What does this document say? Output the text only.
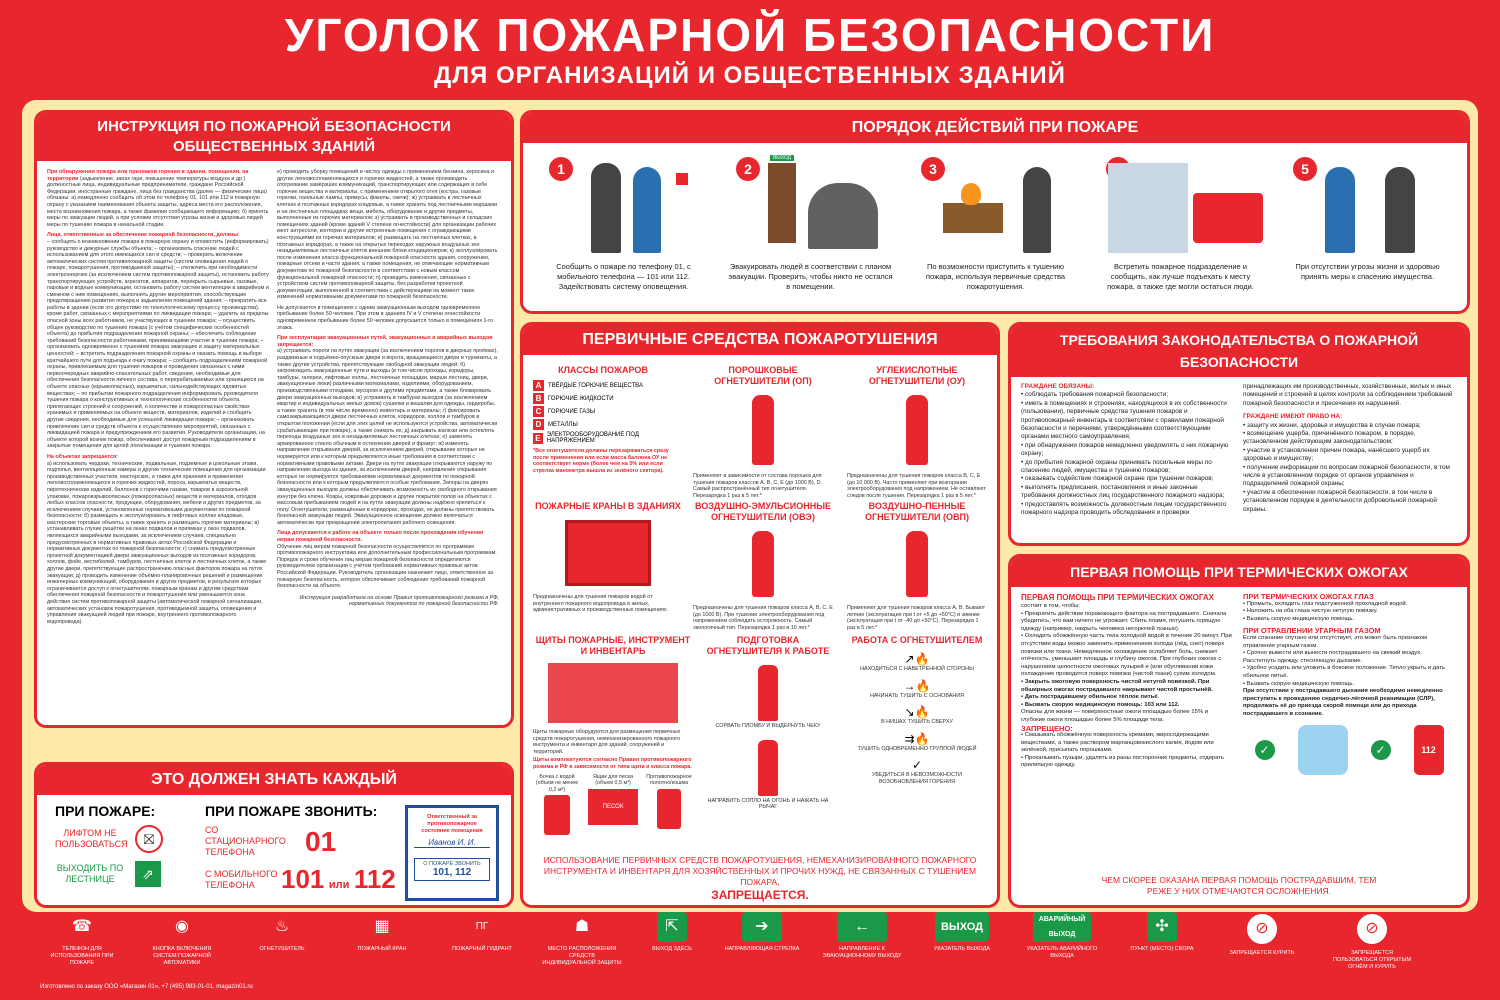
УГОЛОК ПОЖАРНОЙ БЕЗОПАСНОСТИ
ДЛЯ ОРГАНИЗАЦИЙ И ОБЩЕСТВЕННЫХ ЗДАНИЙ
ИНСТРУКЦИЯ ПО ПОЖАРНОЙ БЕЗОПАСНОСТИ
ОБЩЕСТВЕННЫХ ЗДАНИЙ
При обнаружении пожара или признаков горения в здании, помещении, на территории (задымление, запах гари, повышение температуры воздуха и др.) должностные лица, индивидуальные предприниматели, граждане Российской Федерации, иностранные граждане, лица без гражданства (далее — физические лица) обязаны: а) немедленно сообщить об этом по телефону 01, 101 или 112 в пожарную охрану с указанием наименования объекта защиты, адреса места его расположения, места возникновения пожара, а также фамилии сообщающего информацию; б) принять меры по эвакуации людей, а при условии отсутствия угрозы жизни и здоровью людей меры по тушению пожара в начальной стадии.
Лица, ответственные за обеспечение пожарной безопасности, должны:
– сообщить о возникновении пожара в пожарную охрану и оповестить (информировать) руководство и дежурные службы объекта; – организовать спасение людей с использованием для этого имеющихся сил и средств; – проверить включение автоматических систем противопожарной защиты (систем оповещения людей о пожаре, пожаротушения, противодымной защиты); – отключить при необходимости электроэнергию (за исключением систем противопожарной защиты), остановить работу транспортирующих устройств, агрегатов, аппаратов, перекрыть сырьевые, газовые, паровые и водные коммуникации, остановить работу систем вентиляции в аварийном и смежном с ним помещениях, выполнить другие мероприятия, способствующие предотвращению развития пожара и задымления помещений здания; – прекратить все работы в здании (если это допустимо по технологическому процессу производства), кроме работ, связанных с мероприятиями по ликвидации пожара; – удалить за пределы опасной зоны всех работников, не участвующих в тушении пожара; – осуществить общее руководство по тушению пожара (с учётом специфических особенностей объекта) до прибытия подразделения пожарной охраны; – обеспечить соблюдение требований безопасности работниками, принимающими участие в тушении пожара; – организовать одновременно с тушением пожара эвакуацию и защиту материальных ценностей; – встретить подразделения пожарной охраны и оказать помощь в выборе кратчайшего пути для подъезда к очагу пожара; – сообщить подразделениям пожарной охраны, привлекаемым для тушения пожаров и проведения связанных с ними первоочередных аварийно-спасательных работ, сведения, необходимые для обеспечения безопасности личного состава, о перерабатываемых или хранящихся на объекте опасных (взрывоопасных), взрывчатых, сильнодействующих ядовитых веществах; – по прибытии пожарного подразделения информировать руководителя тушения пожара о конструктивных и технологических особенностях объекта, прилегающих строений и сооружений, о количестве и пожароопасных свойствах хранимых и применяемых на объекте веществ, материалов, изделий и сообщить другие сведения, необходимые для успешной ликвидации пожара; – организовать привлечение сил и средств объекта к осуществлению мероприятий, связанных с ликвидацией пожара и предупреждением его развития. Руководители организации, на объекте которой возник пожар, обеспечивают доступ пожарным подразделениям в закрытые помещения для целей локализации и тушения пожара.
На объектах запрещается:
а) использовать чердаки, технические, подвальные, подземные и цокольные этажи, подполья, вентиляционные камеры и другие технические помещения для организации производственных участков, мастерских, а также для хранения и применения легковоспламеняющихся и горючих жидкостей, пороха, взрывчатых веществ, пиротехнических изделий, баллонов с горючими газами, товаров в аэрозольной упаковке, пожаровзрывоопасных (пожароопасных) веществ и материалов, отходов любых классов опасности, продукции, оборудования, мебели и других предметов, за исключением случаев, установленных нормативными документами по пожарной безопасности; б) размещать и эксплуатировать в лифтовых холлах кладовые, мастерские торговые объекты, а также хранить и размещать горючие материалы; в) устанавливать глухие решётки на окнах подвалов и приямках у окон подвалов, являющихся аварийными выходами, за исключением случаев, специально предусмотренных в нормативных правовых актах Российской Федерации и нормативных документах по пожарной безопасности; г) снимать предусмотренные проектной документацией двери эвакуационных выходов из поэтажных коридоров, холлов, фойе, вестибюлей, тамбуров, лестничных клеток и лестничных клеток, а также другие двери, препятствующие распространению опасных факторов пожара на путях эвакуации; д) проводить изменение объёмно-планировочных решений и размещение инженерных коммуникаций, оборудования и других предметов, в результате которых ограничивается доступ к огнетушителям, пожарным кранам и другим средствам обеспечения пожарной безопасности и пожаротушения или уменьшается зона действия систем противопожарной защиты (автоматической пожарной сигнализации, автоматических установок пожаротушения, противодымной защиты, оповещения и управления эвакуацией людей при пожаре, внутреннего противопожарного водопровода).
е) проводить уборку помещений и чистку одежды с применением бензина, керосина и других легковоспламеняющихся и горючих жидкостей, а также производить отогревание замёрзших коммуникаций, транспортирующих или содержащих в себе горючие вещества и материалы, с применением открытого огня (костры, газовые горелки, паяльные лампы, примусы, факелы, свечи); ж) устраивать в лестничных клетках и поэтажных коридорах кладовые, а также хранить под лестничными маршами и на лестничных площадках вещи, мебель, оборудование и другие предметы, выполненные из горючих материалов; з) устраивать в производственных и складских помещениях зданий (кроме зданий V степени огнестойкости) для организации рабочих мест антресоли, конторки и другие встроенные помещения с ограждающими конструкциями из горючих материалов; и) размещать на лестничных клетках, в поэтажных коридорах, а также на открытых переходах наружных воздушных зон незадымляемых лестничных клеток внешние блоки кондиционеров; к) эксплуатировать после изменения класса функциональной пожарной опасности здания, сооружения, пожарные отсеки и части здания, а также помещения, не отвечающие нормативным документам по пожарной безопасности в соответствии с новым классом функциональной пожарной опасности; л) проводить изменения, связанные с устройством систем противопожарной защиты, без разработки проектной документации, выполненной в соответствии с действующими на момент таких изменений нормативными документами по пожарной безопасности.
Не допускается в помещениях с одним эвакуационным выходом одновременное пребывание более 50 человек. При этом в зданиях IV и V степени огнестойкости одновременное пребывание более 50 человек допускается только в помещениях 1-го этажа.
При эксплуатации эвакуационных путей, эвакуационных и аварийных выходов запрещается:
а) устраивать пороги на путях эвакуации (за исключением порогов в дверных проёмах), раздвижные и подъёмно-опускные двери и ворота, вращающиеся двери и турникеты, а также другие устройства, препятствующие свободной эвакуации людей; б) загромождать эвакуационные пути и выходы (в том числе проходы, коридоры, тамбуры, галереи, лифтовые холлы, лестничные площадки, марши лестниц, двери, эвакуационные люки) различными материалами, изделиями, оборудованием, производственными отходами, мусором и другими предметами, а также блокировать двери эвакуационных выходов; в) устраивать в тамбурах выходов (за исключением квартир и индивидуальных жилых домов) сушилки и вешалки для одежды, гардеробы, а также хранить (в том числе временно) инвентарь и материалы; г) фиксировать самозакрывающиеся двери лестничных клеток, коридоров, холлов и тамбуров в открытом положении (если для этих целей не используются устройства, автоматически срабатывающие при пожаре), а также снимать их; д) закрывать жалюзи или остеклять переходы воздушных зон в незадымляемых лестничных клетках; е) заменять армированное стекло обычным в остеклении дверей и фрамуг; ж) изменять направление открывания дверей, за исключением дверей, открывание которых не нормируется или к которым предъявляются иные требования в соответствии с нормативными правовыми актами. Двери на путях эвакуации открываются наружу по направлению выхода из здания, за исключением дверей, направление открывания которых не нормируется требованиями нормативных документов по пожарной безопасности или к которым предъявляются особые требования. Запоры на дверях эвакуационных выходов должны обеспечивать возможность их свободного открывания изнутри без ключа. Ковры, ковровые дорожки и другие покрытия полов на объектах с массовым пребыванием людей и на путях эвакуации должны надёжно крепиться к полу. Огнетушители, размещённые в коридорах, проходах, не должны препятствовать безопасной эвакуации людей. Эвакуационное освещение должно включаться автоматически при прекращении электропитания рабочего освещения.
Лица допускаются к работе на объекте только после прохождения обучения мерам пожарной безопасности.
Обучение лиц мерам пожарной безопасности осуществляется по программам противопожарного инструктажа или дополнительным профессиональным программам. Порядок и сроки обучения лиц мерам пожарной безопасности определяются руководителем организации с учётом требований нормативных правовых актов Российской Федерации. Руководитель организации назначает лицо, ответственное за пожарную безопасность, которое обеспечивает соблюдение требований пожарной безопасности на объекте.
Инструкция разработана на основе Правил противопожарного режима в РФ,
нормативных документов по пожарной безопасности РФ.
ЭТО ДОЛЖЕН ЗНАТЬ КАЖДЫЙ
ПРИ ПОЖАРЕ:
ЛИФТОМ НЕ ПОЛЬЗОВАТЬСЯ	⛝
ВЫХОДИТЬ ПО ЛЕСТНИЦЕ	⇗
ПРИ ПОЖАРЕ ЗВОНИТЬ:
СО СТАЦИОНАРНОГО ТЕЛЕФОНА	01
С МОБИЛЬНОГО ТЕЛЕФОНА	101 или 112
Ответственный за
противопожарное
состояние помещения
Иванов И. И.
О ПОЖАРЕ ЗВОНИТЬ
101, 112
ПОРЯДОК ДЕЙСТВИЙ ПРИ ПОЖАРЕ
1
Сообщить о пожаре по телефону 01, с мобильного телефона — 101 или 112. Задействовать систему оповещения.
2
ВЫХОД
Эвакуировать людей в соответствии с планом эвакуации. Проверить, чтобы никто не остался в помещении.
3
По возможности приступить к тушению пожара, используя первичные средства пожаротушения.
Встретить пожарное подразделение и сообщить, как лучше подъехать к месту пожара, а также где могли остаться люди.
5
При отсутствии угрозы жизни и здоровью принять меры к спасению имущества.
ПЕРВИЧНЫЕ СРЕДСТВА ПОЖАРОТУШЕНИЯ
КЛАССЫ ПОЖАРОВ
A	ТВЁРДЫЕ ГОРЮЧИЕ ВЕЩЕСТВА
B	ГОРЮЧИЕ ЖИДКОСТИ
C	ГОРЮЧИЕ ГАЗЫ
D	МЕТАЛЛЫ
E	ЭЛЕКТРООБОРУДОВАНИЕ ПОД НАПРЯЖЕНИЕМ
*Все огнетушители должны перезаряжаться сразу после применения или если масса баллона ОУ не соответствует норме (более чем на 5% или если стрелка манометра вышла из зелёного сектора).
ПОРОШКОВЫЕ ОГНЕТУШИТЕЛИ (ОП)
Применяют в зависимости от состава порошка для тушения пожаров классов A, B, C, E (до 1000 В), D. Самый распространённый тип огнетушителя. Перезарядка 1 раз в 5 лет.*
УГЛЕКИСЛОТНЫЕ ОГНЕТУШИТЕЛИ (ОУ)
Предназначены для тушения пожаров класса B, C, E (до 10 000 В). Часто применяют при возгорании электрооборудования под напряжением. Не оставляют следов после тушения. Перезарядка 1 раз в 5 лет.*
ПОЖАРНЫЕ КРАНЫ В ЗДАНИЯХ
Предназначены для тушения пожаров водой от внутреннего пожарного водопровода в жилых, административных и производственных помещениях.
ВОЗДУШНО-ЭМУЛЬСИОННЫЕ ОГНЕТУШИТЕЛИ (ОВЭ)
Предназначены для тушения пожаров класса A, B, C, E (до 1000 В). При тушении электрооборудования под напряжением соблюдать осторожность. Самый экологичный тип. Перезарядка 1 раз в 10 лет.*
ВОЗДУШНО-ПЕННЫЕ ОГНЕТУШИТЕЛИ (ОВП)
Применяют для тушения пожаров класса A, B. Бывают летние (эксплуатация при t от +5 до +50°C) и зимние (эксплуатация при t от -40 до +50°C). Перезарядка 1 раз в 5 лет.*
ЩИТЫ ПОЖАРНЫЕ, ИНСТРУМЕНТ И ИНВЕНТАРЬ
Щиты пожарные оборудуются для размещения первичных средств пожаротушения, немеханизированного пожарного инструмента и инвентаря для зданий, сооружений и территорий.
Щиты комплектуются согласно Правил противопожарного режима в РФ в зависимости от типа щита и класса пожара.
Бочка с водой (объем не менее 0,2 м³)
Ящик для песка (объем 0,5 м³)
ПЕСОК
Противопожарное полотно/кошма
ПОДГОТОВКА ОГНЕТУШИТЕЛЯ К РАБОТЕ
СОРВАТЬ ПЛОМБУ И ВЫДЕРНУТЬ ЧЕКУ
НАПРАВИТЬ СОПЛО НА ОГОНЬ И НАЖАТЬ НА РЫЧАГ
РАБОТА С ОГНЕТУШИТЕЛЕМ
↗🔥
НАХОДИТЬСЯ С НАВЕТРЕННОЙ СТОРОНЫ
→🔥
НАЧИНАТЬ ТУШИТЬ С ОСНОВАНИЯ
↘🔥
В НИШАХ ТУШИТЬ СВЕРХУ
⇉🔥
ТУШИТЬ ОДНОВРЕМЕННО ГРУППОЙ ЛЮДЕЙ
✓
УБЕДИТЬСЯ В НЕВОЗМОЖНОСТИ ВОЗОБНОВЛЕНИЯ ГОРЕНИЯ
ИСПОЛЬЗОВАНИЕ ПЕРВИЧНЫХ СРЕДСТВ ПОЖАРОТУШЕНИЯ, НЕМЕХАНИЗИРОВАННОГО ПОЖАРНОГО ИНСТРУМЕНТА И ИНВЕНТАРЯ ДЛЯ ХОЗЯЙСТВЕННЫХ И ПРОЧИХ НУЖД, НЕ СВЯЗАННЫХ С ТУШЕНИЕМ ПОЖАРА,
ЗАПРЕЩАЕТСЯ.
ТРЕБОВАНИЯ ЗАКОНОДАТЕЛЬСТВА О ПОЖАРНОЙ БЕЗОПАСНОСТИ
ГРАЖДАНЕ ОБЯЗАНЫ:
• соблюдать требования пожарной безопасности;
• иметь в помещениях и строениях, находящихся в их собственности (пользовании), первичные средства тушения пожаров и противопожарный инвентарь в соответствии с правилами пожарной безопасности и перечнями, утверждёнными соответствующими органами местного самоуправления;
• при обнаружении пожаров немедленно уведомлять о них пожарную охрану;
• до прибытия пожарной охраны принимать посильные меры по спасению людей, имущества и тушению пожаров;
• оказывать содействие пожарной охране при тушении пожаров;
• выполнять предписания, постановления и иные законные требования должностных лиц государственного пожарного надзора;
• предоставлять возможность должностным лицам государственного пожарного надзора проводить обследования и проверки
принадлежащих им производственных, хозяйственных, жилых и иных помещений и строений в целях контроля за соблюдением требований пожарной безопасности и пресечения их нарушений.
ГРАЖДАНЕ ИМЕЮТ ПРАВО НА:
• защиту их жизни, здоровья и имущества в случае пожара;
• возмещение ущерба, причинённого пожаром, в порядке, установленном действующим законодательством;
• участие в установлении причин пожара, нанёсшего ущерб их здоровью и имуществу;
• получение информации по вопросам пожарной безопасности, в том числе в установленном порядке от органов управления и подразделений пожарной охраны;
• участие в обеспечении пожарной безопасности, в том числе в установленном порядке в деятельности добровольной пожарной охраны.
ПЕРВАЯ ПОМОЩЬ ПРИ ТЕРМИЧЕСКИХ ОЖОГАХ
ПЕРВАЯ ПОМОЩЬ ПРИ ТЕРМИЧЕСКИХ ОЖОГАХ
состоит в том, чтобы:
• Прекратить действие поражающего фактора на пострадавшего. Сначала убедитесь, что вам ничего не угрожает. Сбить пламя, потушить горящую одежду (например, накрыть человека негорючей тканью).
• Охладить обожжённую часть тела холодной водой в течение 20 минут. При отсутствии воды можно заменить применением холода (лёд, снег) поверх повязки или ткани. Немедленное охлаждение ослабляет боль, снижает отёчность, уменьшает площадь и глубину ожогов. При глубоких ожогах с нарушением целостности ожоговых пузырей и (или обугливании кожи охлаждение проводится поверх повязки (чистой ткани) сухим холодом.
• Закрыть ожоговую поверхность чистой нетугой повязкой. При обширных ожогах пострадавшего накрывают чистой простынёй.
• Дать пострадавшему обильное тёплое питьё.
• Вызвать скорую медицинскую помощь: 103 или 112.
Опасны для жизни — поверхностные ожоги площадью более 15% и глубокие ожоги площадью более 5% площади тела.
ЗАПРЕЩЕНО:
• Смазывать обожжённую поверхность кремами, жиросодержащими веществами, а также раствором марганцовокислого калия, йодом или зелёнкой, присыпать порошками.
• Прокалывать пузыри, удалять из раны посторонние предметы, отдирать прилипшую одежду.
ПРИ ТЕРМИЧЕСКИХ ОЖОГАХ ГЛАЗ
• Промыть, охладить глаз подстуженной прохладной водой.
• Наложить на оба глаза чистую нетугую повязку.
• Вызвать скорую медицинскую помощь.
ПРИ ОТРАВЛЕНИИ УГАРНЫМ ГАЗОМ
Если сознание спутано или отсутствует, это может быть признаком отравления угарным газом.
• Срочно вывести или вынести пострадавшего на свежий воздух. Расстегнуть одежду, стесняющую дыхание.
• Удобно усадить или уложить в боковое положение. Тепло укрыть и дать обильное питьё.
• Вызвать скорую медицинскую помощь.
При отсутствии у пострадавшего дыхания необходимо немедленно приступить к проведению сердечно-лёгочной реанимации (СЛР), продолжать её до приезда скорой помощи или до прихода пострадавшего в сознание.
✓	✓	112
ЧЕМ СКОРЕЕ ОКАЗАНА ПЕРВАЯ ПОМОЩЬ ПОСТРАДАВШИМ, ТЕМ РЕЖЕ У НИХ ОТМЕЧАЮТСЯ ОСЛОЖНЕНИЯ.
☎
ТЕЛЕФОН ДЛЯ ИСПОЛЬЗОВАНИЯ ПРИ ПОЖАРЕ
◉
КНОПКА ВКЛЮЧЕНИЯ СИСТЕМ ПОЖАРНОЙ АВТОМАТИКИ
♨
ОГНЕТУШИТЕЛЬ
▦
ПОЖАРНЫЙ КРАН
ПГ
ПОЖАРНЫЙ ГИДРАНТ
☗
МЕСТО РАСПОЛОЖЕНИЯ СРЕДСТВ ИНДИВИДУАЛЬНОЙ ЗАЩИТЫ
⇱
ВЫХОД ЗДЕСЬ
➔
НАПРАВЛЯЮЩАЯ СТРЕЛКА
←
НАПРАВЛЕНИЕ К ЭВАКУАЦИОННОМУ ВЫХОДУ
ВЫХОД
УКАЗАТЕЛЬ ВЫХОДА
АВАРИЙНЫЙ ВЫХОД
УКАЗАТЕЛЬ АВАРИЙНОГО ВЫХОДА
✣
ПУНКТ (МЕСТО) СБОРА
⊘
ЗАПРЕЩАЕТСЯ КУРИТЬ
⊘
ЗАПРЕЩАЕТСЯ ПОЛЬЗОВАТЬСЯ ОТКРЫТЫМ ОГНЁМ И КУРИТЬ
Изготовлено по заказу ООО «Магазин 01», +7 (495) 983-01-01, magazin01.ru
